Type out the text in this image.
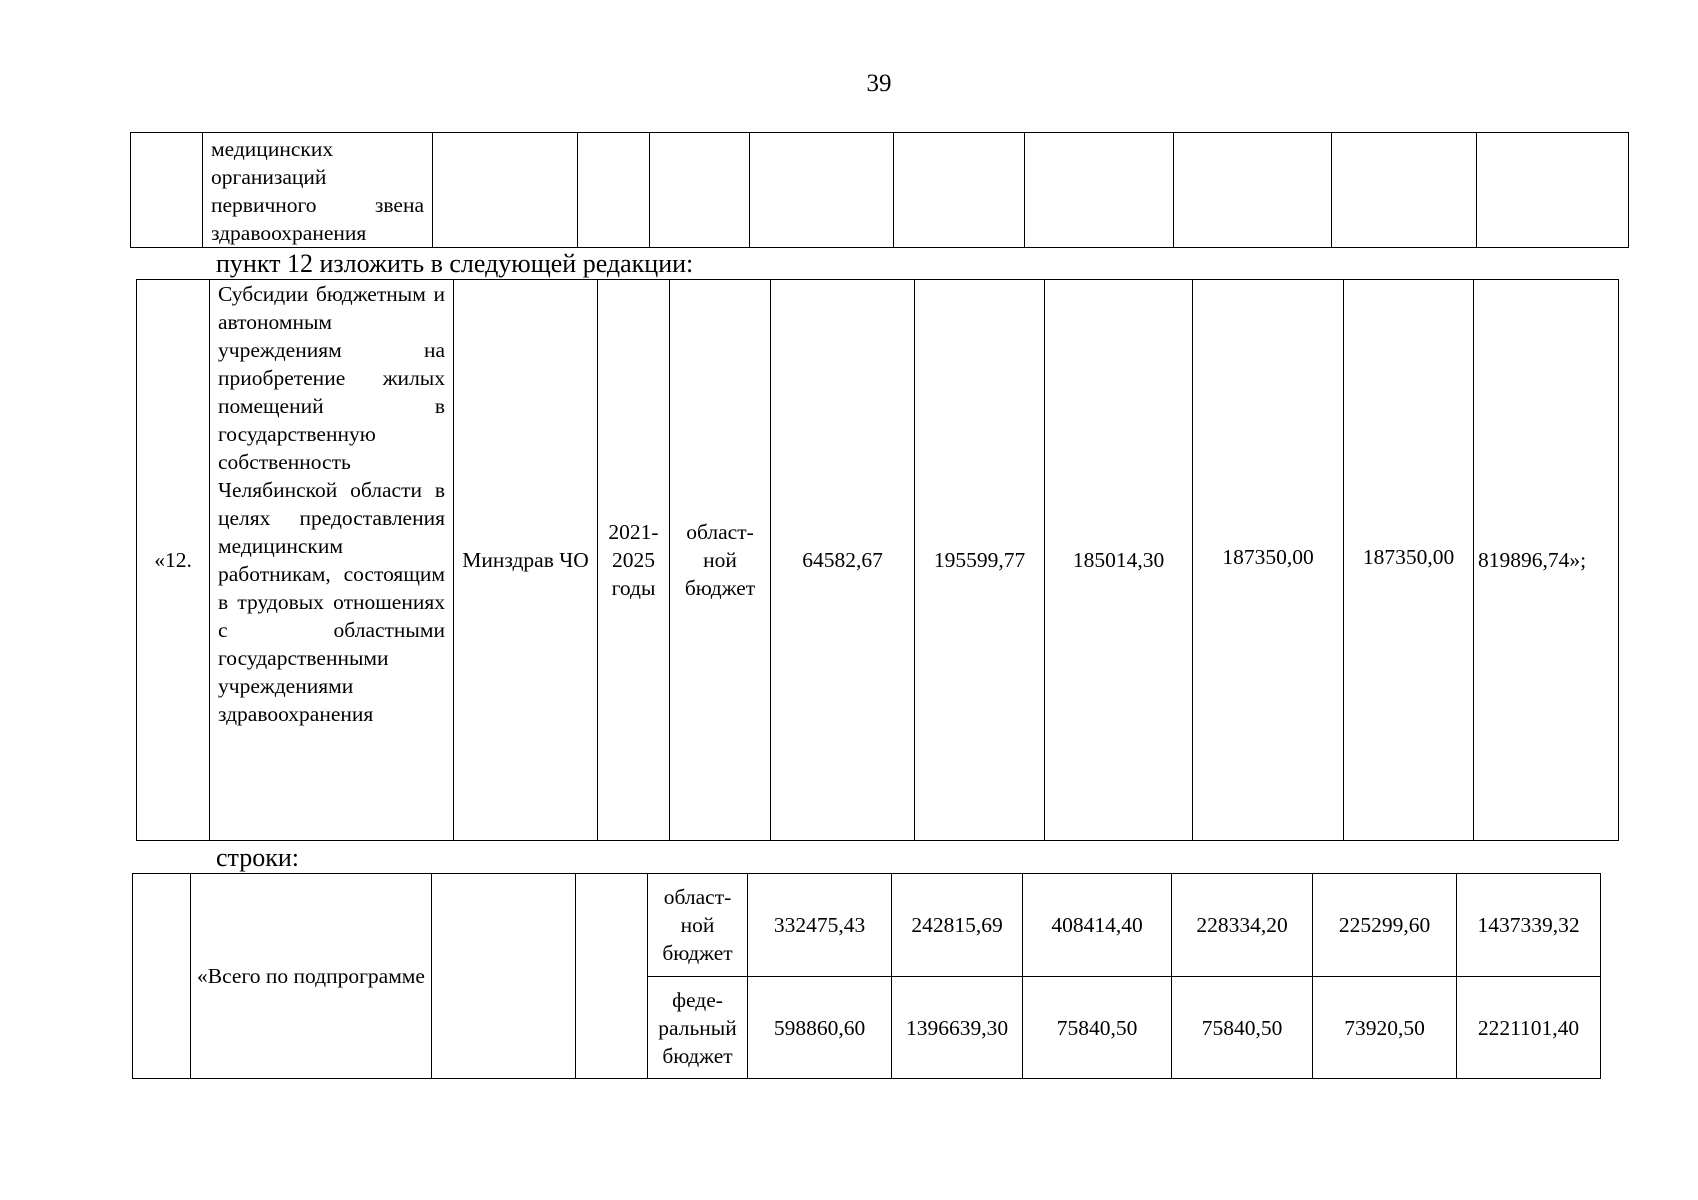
39
	медицинских организаций первичного звена здравоохранения									
пункт 12 изложить в следующей редакции:
«12.	Субсидии бюджетным и автономным учреждениям на приобретение жилых помещений в государственную собственность Челябинской области в целях предоставления медицинским работникам, состоящим в трудовых отношениях с областными государственными учреждениями здравоохранения	Минздрав ЧО	2021-2025 годы	област-ной бюджет	64582,67	195599,77	185014,30	187350,00	187350,00	819896,74»;
строки:
	«Всего по подпрограмме			област-ной бюджет	332475,43	242815,69	408414,40	228334,20	225299,60	1437339,32
				феде-ральный бюджет	598860,60	1396639,30	75840,50	75840,50	73920,50	2221101,40
